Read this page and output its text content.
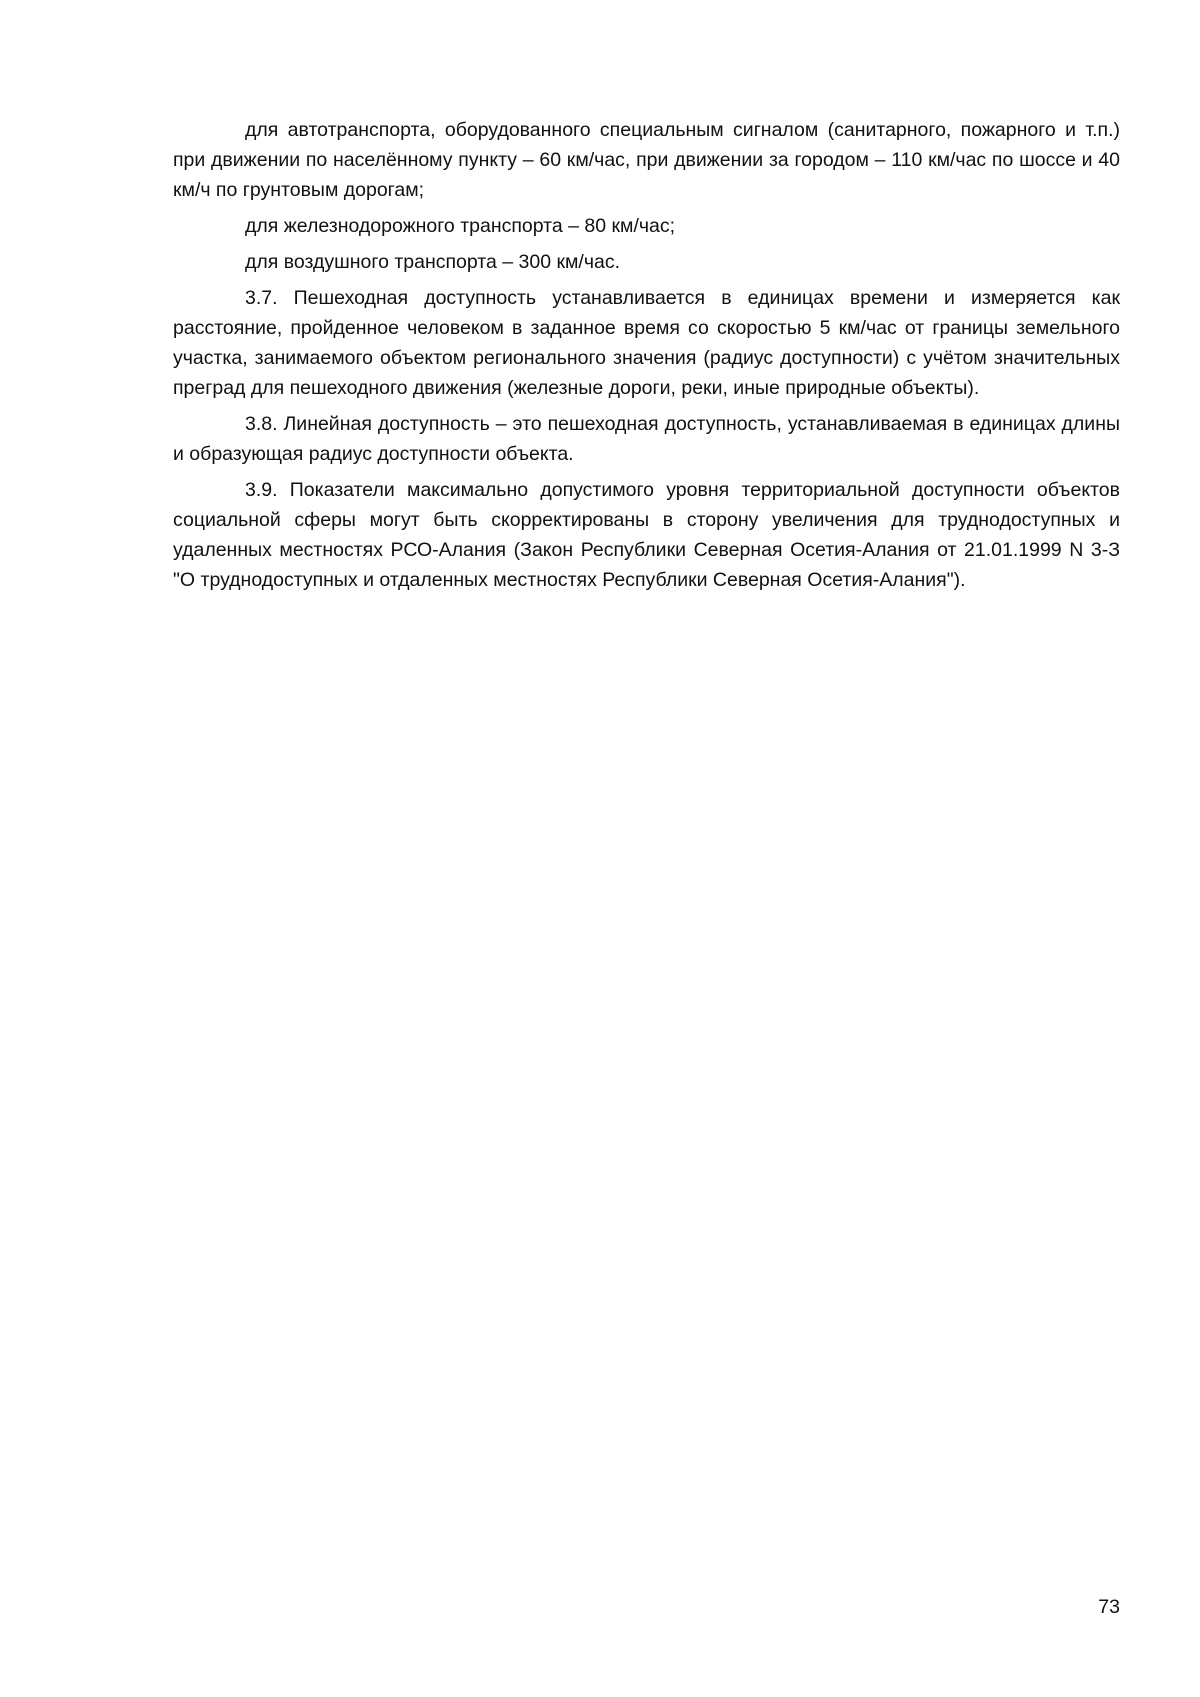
для автотранспорта, оборудованного специальным сигналом (санитарного, пожарного и т.п.) при движении по населённому пункту – 60 км/час, при движении за городом – 110 км/час по шоссе и 40 км/ч по грунтовым дорогам;

для железнодорожного транспорта – 80 км/час;

для воздушного транспорта – 300 км/час.

3.7. Пешеходная доступность устанавливается в единицах времени и измеряется как расстояние, пройденное человеком в заданное время со скоростью 5 км/час от границы земельного участка, занимаемого объектом регионального значения (радиус доступности) с учётом значительных преград для пешеходного движения (железные дороги, реки, иные природные объекты).

3.8. Линейная доступность – это пешеходная доступность, устанавливаемая в единицах длины и образующая радиус доступности объекта.

3.9. Показатели максимально допустимого уровня территориальной доступности объектов социальной сферы могут быть скорректированы в сторону увеличения для труднодоступных и удаленных местностях РСО-Алания (Закон Республики Северная Осетия-Алания от 21.01.1999 N 3-З "О труднодоступных и отдаленных местностях Республики Северная Осетия-Алания").

73
